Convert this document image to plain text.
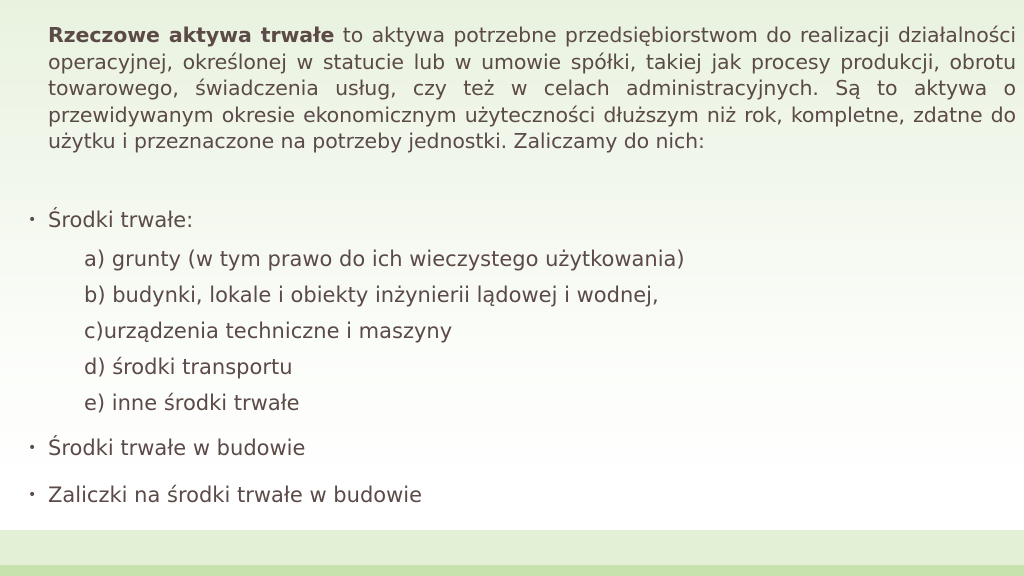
Rzeczowe aktywa trwałe to aktywa potrzebne przedsiębiorstwom do realizacji działalności operacyjnej, określonej w statucie lub w umowie spółki, takiej jak procesy produkcji, obrotu towarowego, świadczenia usług, czy też w celach administracyjnych. Są to aktywa o przewidywanym okresie ekonomicznym użyteczności dłuższym niż rok, kompletne, zdatne do użytku i przeznaczone na potrzeby jednostki. Zaliczamy do nich:

• Środki trwałe:
a) grunty (w tym prawo do ich wieczystego użytkowania)
b) budynki, lokale i obiekty inżynierii lądowej i wodnej,
c)urządzenia techniczne i maszyny
d) środki transportu
e) inne środki trwałe
• Środki trwałe w budowie
• Zaliczki na środki trwałe w budowie
